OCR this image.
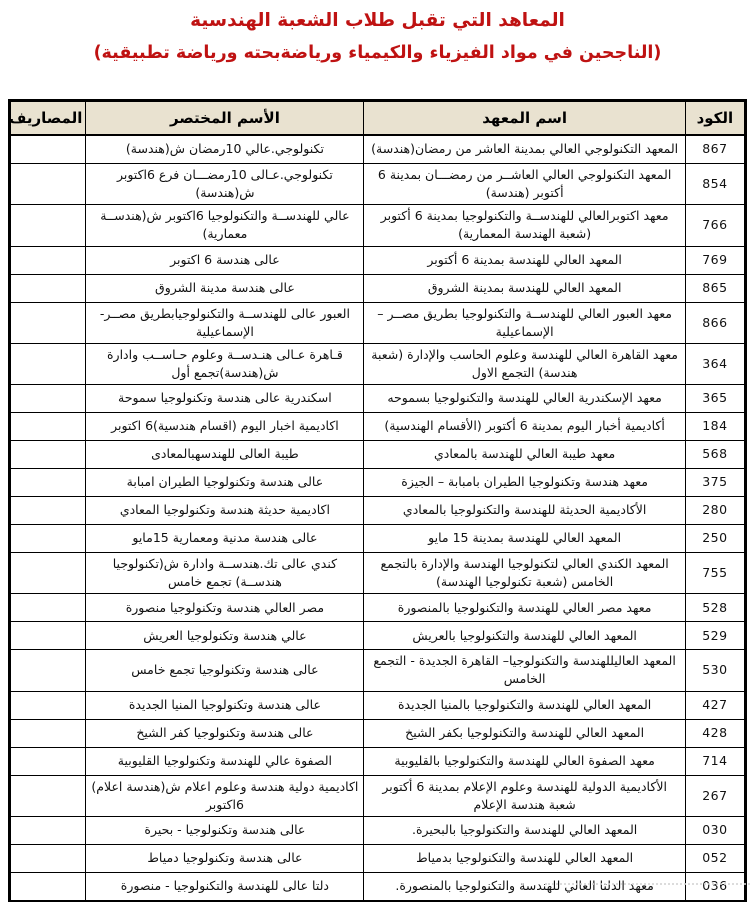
المعاهد التي تقبل طلاب الشعبة الهندسية
(الناجحين في مواد الفيزياء والكيمياء ورياضةبحته ورياضة تطبيقية)
الكود	اسم المعهد	الأسم المختصر	المصاريف
867	المعهد التكنولوجي العالي بمدينة العاشر من رمضان(هندسة)	تكنولوجي.عالي 10رمضان ش(هندسة)	
854	المعهد التكنولوجي العالي العاشــر من رمضـــان بمدينة 6 أكتوبر (هندسة)	تكنولوجي.عـالى 10رمضـــان فرع 6اكتوبر ش(هندسة)	
766	معهد اكتوبرالعالي للهندســة والتكنولوجيا بمدينة 6 أكتوبر (شعبة الهندسة المعمارية)	عالي للهندســة والتكنولوجيا 6اكتوبر ش(هندســة معمارية)	
769	المعهد العالي للهندسة بمدينة 6 أكتوبر	عالى هندسة 6 اكتوبر	
865	المعهد العالي للهندسة بمدينة الشروق	عالى هندسة مدينة الشروق	
866	معهد العبور العالي للهندســة والتكنولوجيا بطريق مصــر – الإسماعيلية	العبور عالى للهندســة والتكنولوجيابطريق مصــر- الإسماعيلية	
364	معهد القاهرة العالي للهندسة وعلوم الحاسب والإدارة (شعبة هندسة) التجمع الاول	قـاهرة عـالى هنـدســة وعلوم حـاســب وادارة ش(هندسة)تجمع أول	
365	معهد الإسكندرية العالي للهندسة والتكنولوجيا بسموحه	اسكندرية عالى هندسة وتكنولوجيا سموحة	
184	أكاديمية أخبار اليوم بمدينة 6 أكتوبر (الأقسام الهندسية)	اكاديمية اخبار اليوم (اقسام هندسية)6 اكتوبر	
568	معهد طيبة العالي للهندسة بالمعادي	طيبة العالى للهندسهبالمعادى	
375	معهد هندسة وتكنولوجيا الطيران بامبابة – الجيزة	عالى هندسة وتكنولوجيا الطيران امبابة	
280	الأكاديمية الحديثة للهندسة والتكنولوجيا بالمعادي	اكاديمية حديثة هندسة وتكنولوجيا المعادي	
250	المعهد العالي للهندسة بمدينة 15 مايو	عالى هندسة مدنية ومعمارية 15مايو	
755	المعهد الكندي العالي لتكنولوجيا الهندسة والإدارة بالتجمع الخامس (شعبة تكنولوجيا الهندسة)	كندي عالى تك.هندســة وادارة ش(تكنولوجيا هندســة) تجمع خامس	
528	معهد مصر العالي للهندسة والتكنولوجيا بالمنصورة	مصر العالي هندسة وتكنولوجيا منصورة	
529	المعهد العالي للهندسة والتكنولوجيا بالعريش	عالي هندسة وتكنولوجيا العريش	
530	المعهد العاليللهندسة والتكنولوجيا– القاهرة الجديدة - التجمع الخامس	عالى هندسة وتكنولوجيا تجمع خامس	
427	المعهد العالي للهندسة والتكنولوجيا بالمنيا الجديدة	عالى هندسة وتكنولوجيا المنيا الجديدة	
428	المعهد العالي للهندسة والتكنولوجيا بكفر الشيخ	عالى هندسة وتكنولوجيا كفر الشيخ	
714	معهد الصفوة العالي للهندسة والتكنولوجيا بالقليوبية	الصفوة عالي للهندسة وتكنولوجيا القليوبية	
267	الأكاديمية الدولية للهندسة وعلوم الإعلام بمدينة 6 أكتوبر شعبة هندسة الإعلام	اكاديمية دولية هندسة وعلوم اعلام ش(هندسة اعلام) 6اكتوبر	
030	المعهد العالي للهندسة والتكنولوجيا بالبحيرة.	عالى هندسة وتكنولوجيا - بحيرة	
052	المعهد العالي للهندسة والتكنولوجيا بدمياط	عالى هندسة وتكنولوجيا دمياط	
036	معهد الدلتا العالي للهندسة والتكنولوجيا بالمنصورة.	دلتا عالى للهندسة والتكنولوجيا - منصورة	
